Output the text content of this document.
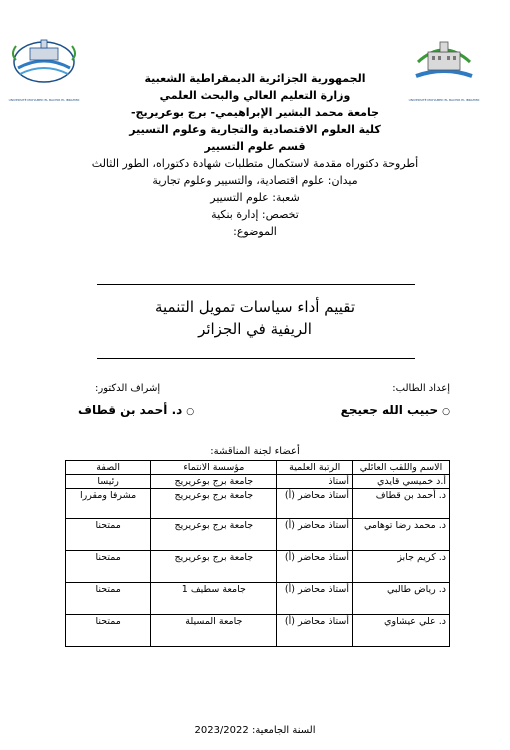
UNIVERSITÉ MOHAMED EL BACHIR EL IBRAHIMI	UNIVERSITÉ MOHAMED EL BACHIR EL IBRAHIMI
الجمهورية الجزائرية الديمقراطية الشعبية
وزارة التعليم العالي والبحث العلمي
جامعة محمد البشير الإبراهيمي- برج بوعريريج-
كلية العلوم الاقتصادية والتجارية وعلوم التسيير
قسم علوم التسيير
أطروحة دكتوراه مقدمة لاستكمال متطلبات شهادة دكتوراه، الطور الثالث
ميدان: علوم اقتصادية، والتسيير وعلوم تجارية
شعبة: علوم التسيير
تخصص: إدارة بنكية
الموضوع:
تقييم أداء سياسات تمويل التنمية
الريفية في الجزائر
إعداد الطالب:
إشراف الدكتور:
○حبيب الله جعيجع
○د. أحمد بن قطاف
أعضاء لجنة المناقشة:
الاسم واللقب العائلي	الرتبة العلمية	مؤسسة الانتماء	الصفة
أ.د خميسي قايدي	أستاذ	جامعة برج بوعريريج	رئيسا
د. أحمد بن قطاف	أستاذ محاضر (أ)	جامعة برج بوعريريج	مشرفا ومقررا
د. محمد رضا توهامي	أستاذ محاضر (أ)	جامعة برج بوعريريج	ممتحنا
د. كريم جابز	أستاذ محاضر (أ)	جامعة برج بوعريريج	ممتحنا
د. رياض طالبي	أستاذ محاضر (أ)	جامعة سطيف 1	ممتحنا
د. علي عيشاوي	أستاذ محاضر (أ)	جامعة المسيلة	ممتحنا
السنة الجامعية: 2023/2022
